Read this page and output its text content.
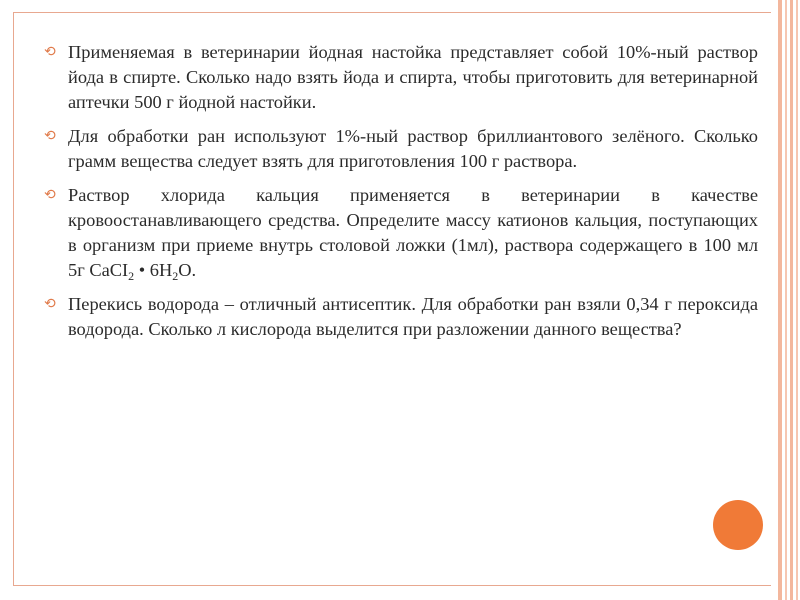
⟲ Применяемая в ветеринарии йодная настойка представляет собой 10%-ный раствор йода в спирте. Сколько надо взять йода и спирта, чтобы приготовить для ветеринарной аптечки 500 г йодной настойки.
⟲ Для обработки ран используют 1%-ный раствор бриллиантового зелёного. Сколько грамм вещества следует взять для приготовления 100 г раствора.
⟲ Раствор хлорида кальция применяется в ветеринарии в качестве кровоостанавливающего средства. Определите массу катионов кальция, поступающих в организм при приеме внутрь столовой ложки (1мл), раствора содержащего в 100 мл 5г CaCI$_2$ • $6H_2O$.
⟲ Перекись водорода – отличный антисептик. Для обработки ран взяли 0,34 г пероксида водорода. Сколько л кислорода выделится при разложении данного вещества?
